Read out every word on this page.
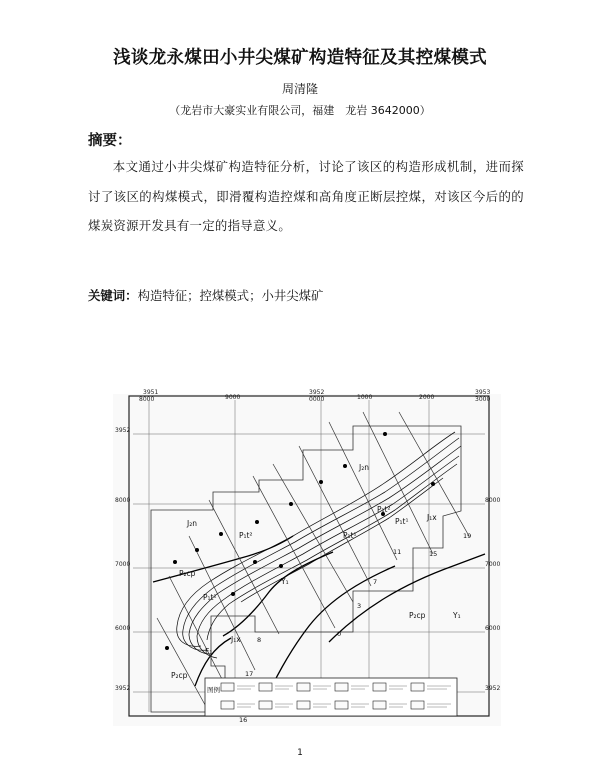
浅谈龙永煤田小井尖煤矿构造特征及其控煤模式
周清隆
（龙岩市大豪实业有限公司，福建　龙岩 3642000）
摘要：
本文通过小井尖煤矿构造特征分析，讨论了该区的构造形成机制，进而探讨了该区的构煤模式，即滑覆构造控煤和高角度正断层控煤，对该区今后的的煤炭资源开发具有一定的指导意义。
关键词：构造特征；控煤模式；小井尖煤矿
3951
8000	9000
3952
0000	1000	2000
3953
3000
3952
8000
7000
6000
3952
8000
7000
6000
3952
J₂n
J₂n
J₁x
J₁x
P₂cp
P₂cp
P₂cp
P₁t²
P₁t²
P₁t¹
P₁t¹
P₁t¹
Y₁
Y₁
F₁
19
15
11
7
3
0
8
17
16
图例
1
